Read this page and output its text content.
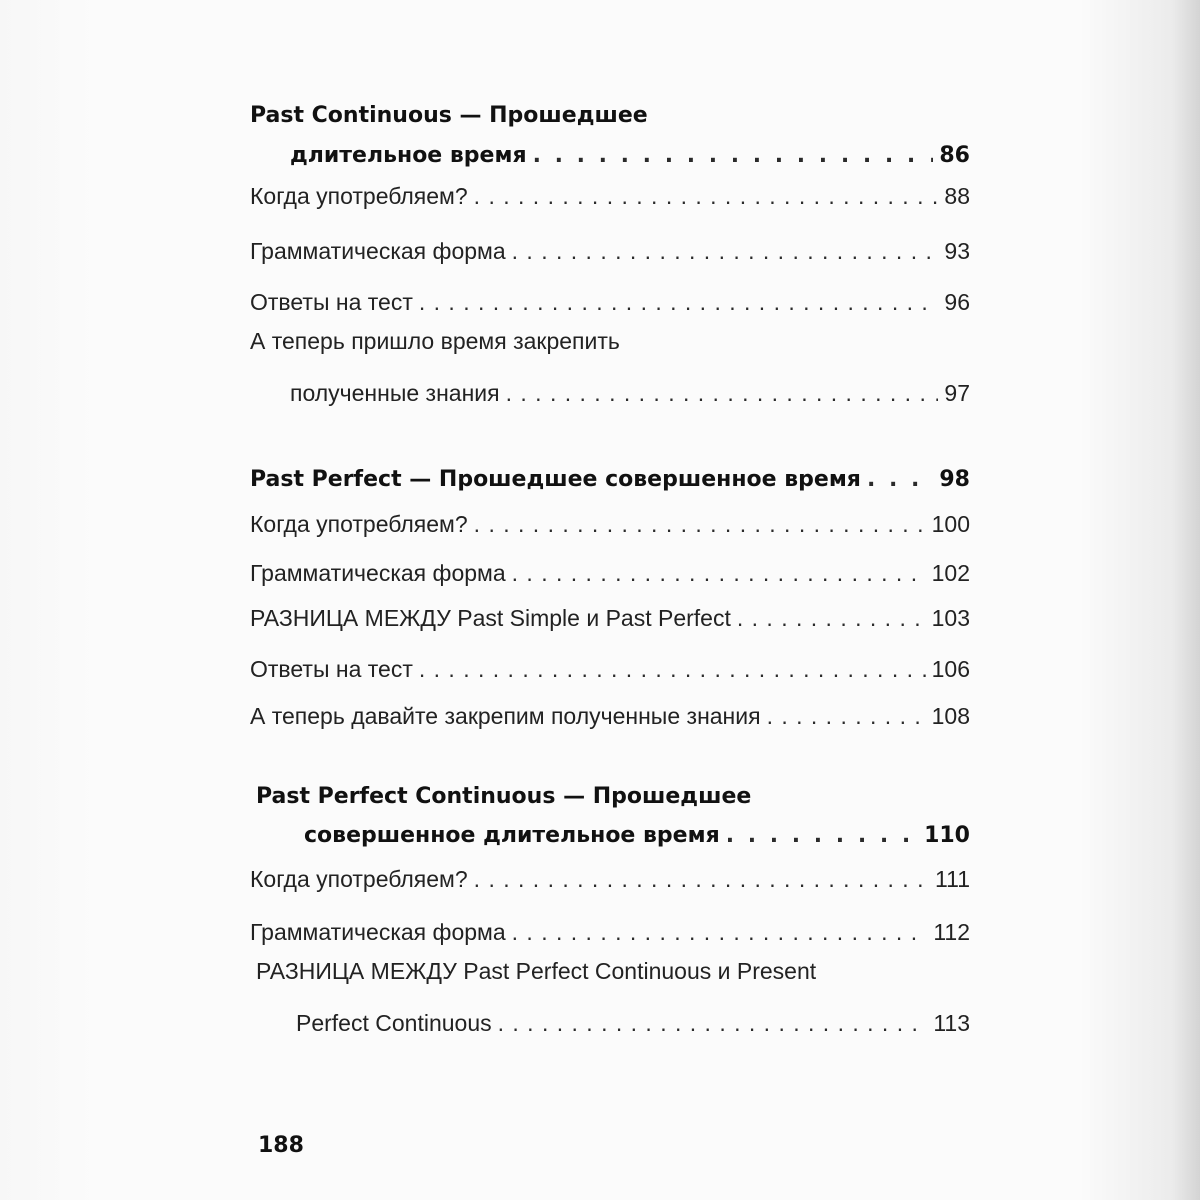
Past Continuous — Прошедшее
длительное время . . .	86
Когда употребляем? . . .	88
Грамматическая форма . . .	93
Ответы на тест . . .	96
А теперь пришло время закрепить
полученные знания . . .	97
Past Perfect — Прошедшее совершенное время . . .	98
Когда употребляем? . . .	100
Грамматическая форма . . .	102
РАЗНИЦА МЕЖДУ Past Simple и Past Perfect . . .	103
Ответы на тест . . .	106
А теперь давайте закрепим полученные знания . . .	108
Past Perfect Continuous — Прошедшее
совершенное длительное время . . .	110
Когда употребляем? . . .	111
Грамматическая форма . . .	112
РАЗНИЦА МЕЖДУ Past Perfect Continuous и Present
Perfect Continuous . . .	113
188
